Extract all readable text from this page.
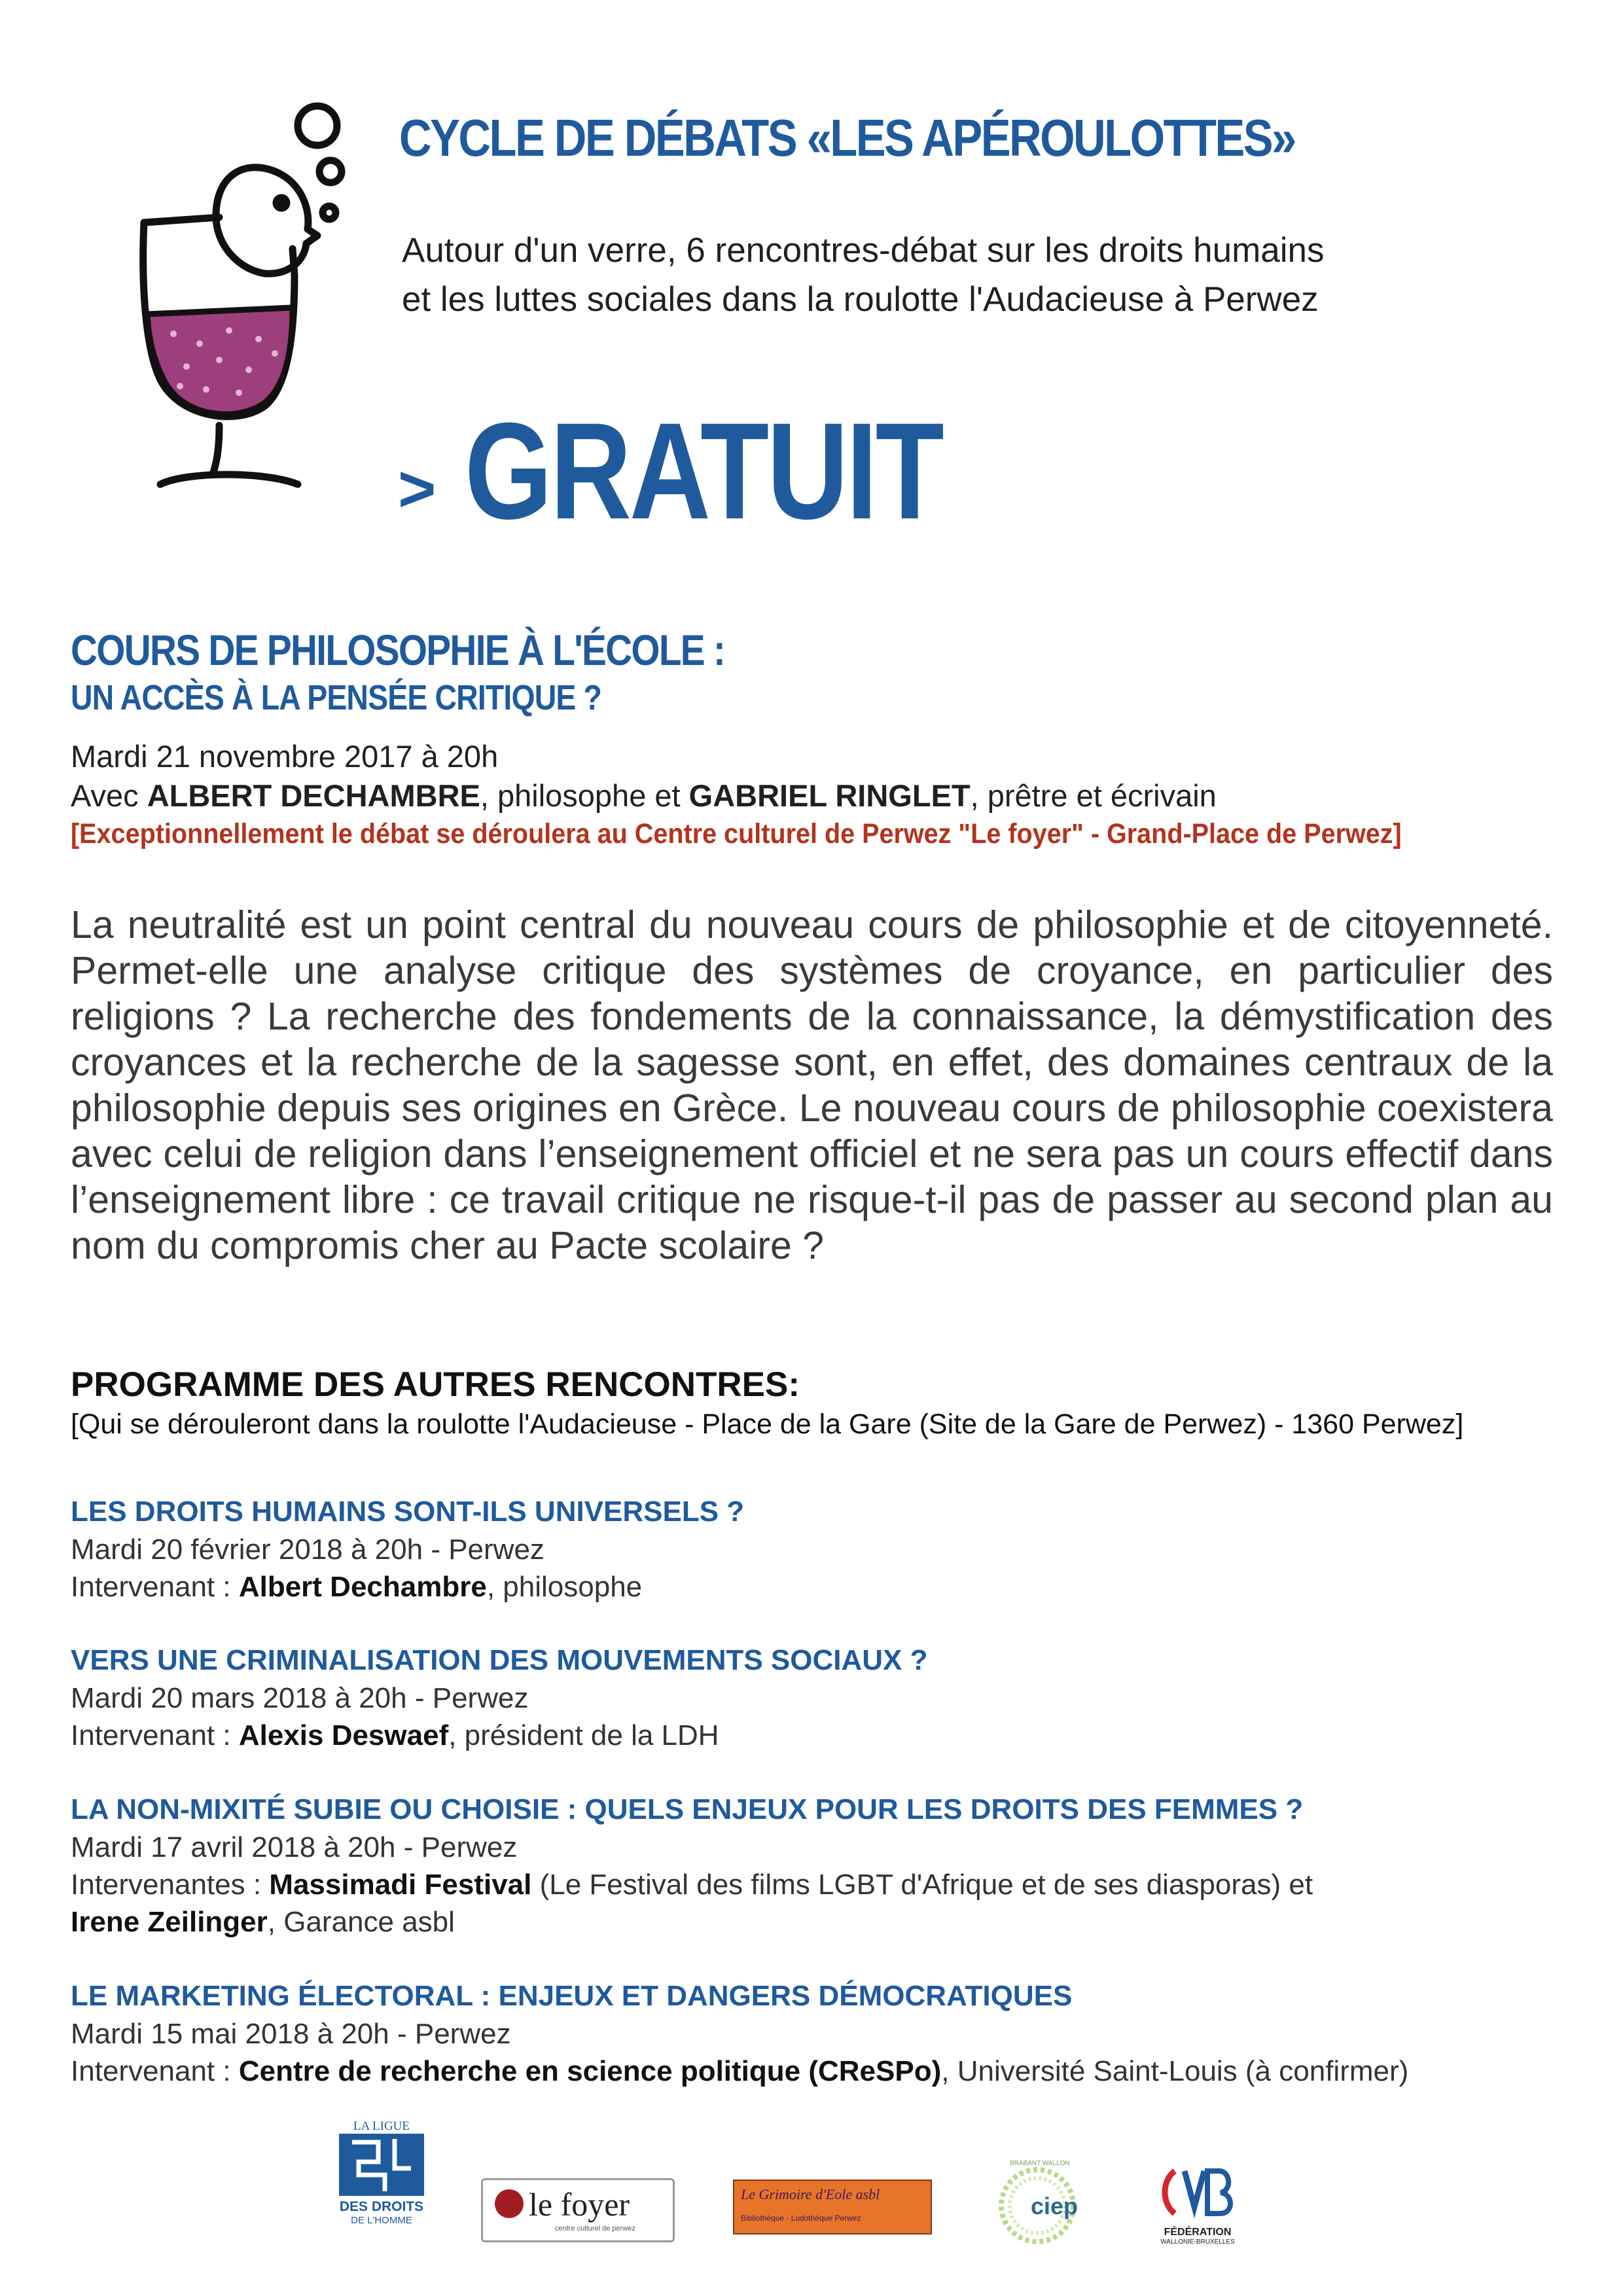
CYCLE DE DÉBATS «LES APÉROULOTTES»
Autour d'un verre, 6 rencontres-débat sur les droits humains
et les luttes sociales dans la roulotte l'Audacieuse à Perwez
> GRATUIT
COURS DE PHILOSOPHIE À L'ÉCOLE :
UN ACCÈS À LA PENSÉE CRITIQUE ?
Mardi 21 novembre 2017 à 20h
Avec ALBERT DECHAMBRE, philosophe et GABRIEL RINGLET, prêtre et écrivain
[Exceptionnellement le débat se déroulera au Centre culturel de Perwez "Le foyer" - Grand-Place de Perwez]
La neutralité est un point central du nouveau cours de philosophie et de citoyenneté. Permet-elle une analyse critique des systèmes de croyance, en particulier des religions ? La recherche des fondements de la connaissance, la démystification des croyances et la recherche de la sagesse sont, en effet, des domaines centraux de la philosophie depuis ses origines en Grèce. Le nouveau cours de philosophie coexistera avec celui de religion dans l’enseignement officiel et ne sera pas un cours effectif dans l’enseignement libre : ce travail critique ne risque-t-il pas de passer au second plan au nom du compromis cher au Pacte scolaire ?
PROGRAMME DES AUTRES RENCONTRES:
[Qui se dérouleront dans la roulotte l'Audacieuse - Place de la Gare (Site de la Gare de Perwez) - 1360 Perwez]
LES DROITS HUMAINS SONT-ILS UNIVERSELS ?
Mardi 20 février 2018 à 20h - Perwez
Intervenant : Albert Dechambre, philosophe
VERS UNE CRIMINALISATION DES MOUVEMENTS SOCIAUX ?
Mardi 20 mars 2018 à 20h - Perwez
Intervenant : Alexis Deswaef, président de la LDH
LA NON-MIXITÉ SUBIE OU CHOISIE : QUELS ENJEUX POUR LES DROITS DES FEMMES ?
Mardi 17 avril 2018 à 20h - Perwez
Intervenantes : Massimadi Festival (Le Festival des films LGBT d'Afrique et de ses diasporas) et
Irene Zeilinger, Garance asbl
LE MARKETING ÉLECTORAL : ENJEUX ET DANGERS DÉMOCRATIQUES
Mardi 15 mai 2018 à 20h - Perwez
Intervenant : Centre de recherche en science politique (CReSPo), Université Saint-Louis (à confirmer)
LA LIGUE
DES DROITS
DE L'HOMME	le foyer
centre culturel de perwez
Le Grimoire d'Eole asbl
Bibliothèque - Ludothèque Perwez
BRABANT WALLON
ciep
FÉDÉRATION
WALLONIE-BRUXELLES
